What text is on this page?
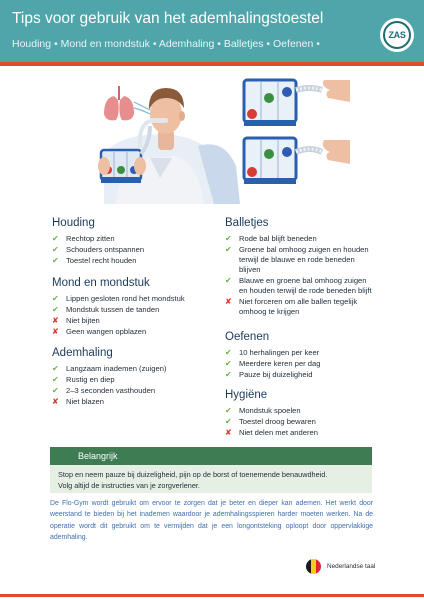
Tips voor gebruik van het ademhalingstoestel
Houding • Mond en mondstuk • Ademhaling • Balletjes • Oefenen •
ZAS
Houding
✔ Rechtop zitten
✔ Schouders ontspannen
✔ Toestel recht houden
Mond en mondstuk
✔ Lippen gesloten rond het mondstuk
✔ Mondstuk tussen de tanden
✘ Niet bijten
✘ Geen wangen opblazen
Ademhaling
✔ Langzaam inademen (zuigen)
✔ Rustig en diep
✔ 2–3 seconden vasthouden
✘ Niet blazen
Balletjes
✔ Rode bal blijft beneden
✔ Groene bal omhoog zuigen en houden terwijl de blauwe en rode beneden blijven
✔ Blauwe en groene bal omhoog zuigen en houden terwijl de rode beneden blijft
✘ Niet forceren om alle ballen tegelijk omhoog te krijgen
Oefenen
✔ 10 herhalingen per keer
✔ Meerdere keren per dag
✔ Pauze bij duizeligheid
Hygiëne
✔ Mondstuk spoelen
✔ Toestel droog bewaren
✘ Niet delen met anderen
Belangrijk
Stop en neem pauze bij duizeligheid, pijn op de borst of toenemende benauwdheid.
Volg altijd de instructies van je zorgverlener.

De Flo-Gym wordt gebruikt om ervoor te zorgen dat je beter en dieper kan ademen. Het werkt door weerstand te bieden bij het inademen waardoor je ademhalingsspieren harder moeten werken. Na de operatie wordt dit gebruikt om te vermijden dat je een longontsteking oploopt door oppervlakkige ademhaling.

Nederlandse taal
